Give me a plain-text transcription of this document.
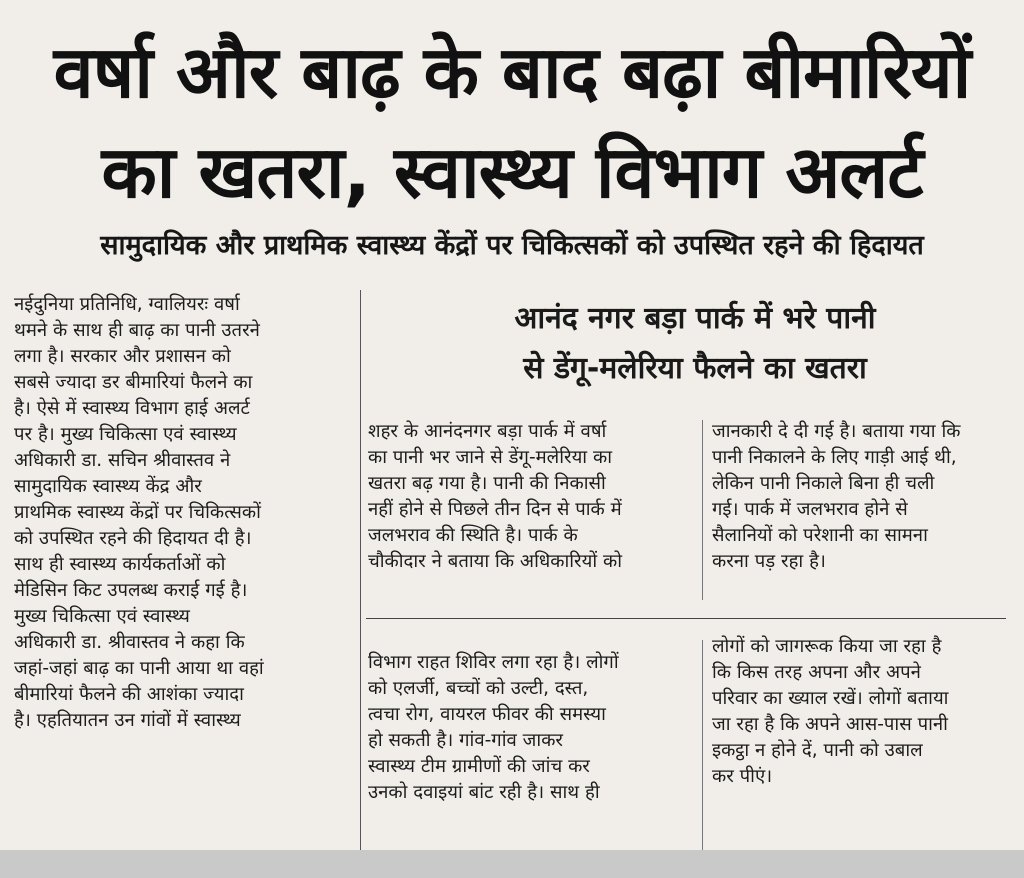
वर्षा और बाढ़ के बाद बढ़ा बीमारियों
का खतरा, स्वास्थ्य विभाग अलर्ट

सामुदायिक और प्राथमिक स्वास्थ्य केंद्रों पर चिकित्सकों को उपस्थित रहने की हिदायत

नईदुनिया प्रतिनिधि, ग्वालियरः वर्षा
थमने के साथ ही बाढ़ का पानी उतरने
लगा है। सरकार और प्रशासन को
सबसे ज्यादा डर बीमारियां फैलने का
है। ऐसे में स्वास्थ्य विभाग हाई अलर्ट
पर है। मुख्य चिकित्सा एवं स्वास्थ्य
अधिकारी डा. सचिन श्रीवास्तव ने
सामुदायिक स्वास्थ्य केंद्र और
प्राथमिक स्वास्थ्य केंद्रों पर चिकित्सकों
को उपस्थित रहने की हिदायत दी है।
साथ ही स्वास्थ्य कार्यकर्ताओं को
मेडिसिन किट उपलब्ध कराई गई है।
मुख्य चिकित्सा एवं स्वास्थ्य
अधिकारी डा. श्रीवास्तव ने कहा कि
जहां-जहां बाढ़ का पानी आया था वहां
बीमारियां फैलने की आशंका ज्यादा
है। एहतियातन उन गांवों में स्वास्थ्य
आनंद नगर बड़ा पार्क में भरे पानी
से डेंगू-मलेरिया फैलने का खतरा
शहर के आनंदनगर बड़ा पार्क में वर्षा
का पानी भर जाने से डेंगू-मलेरिया का
खतरा बढ़ गया है। पानी की निकासी
नहीं होने से पिछले तीन दिन से पार्क में
जलभराव की स्थिति है। पार्क के
चौकीदार ने बताया कि अधिकारियों को
जानकारी दे दी गई है। बताया गया कि
पानी निकालने के लिए गाड़ी आई थी,
लेकिन पानी निकाले बिना ही चली
गई। पार्क में जलभराव होने से
सैलानियों को परेशानी का सामना
करना पड़ रहा है।
विभाग राहत शिविर लगा रहा है। लोगों
को एलर्जी, बच्चों को उल्टी, दस्त,
त्वचा रोग, वायरल फीवर की समस्या
हो सकती है। गांव-गांव जाकर
स्वास्थ्य टीम ग्रामीणों की जांच कर
उनको दवाइयां बांट रही है। साथ ही
लोगों को जागरूक किया जा रहा है
कि किस तरह अपना और अपने
परिवार का ख्याल रखें। लोगों बताया
जा रहा है कि अपने आस-पास पानी
इकट्ठा न होने दें, पानी को उबाल
कर पीएं।
